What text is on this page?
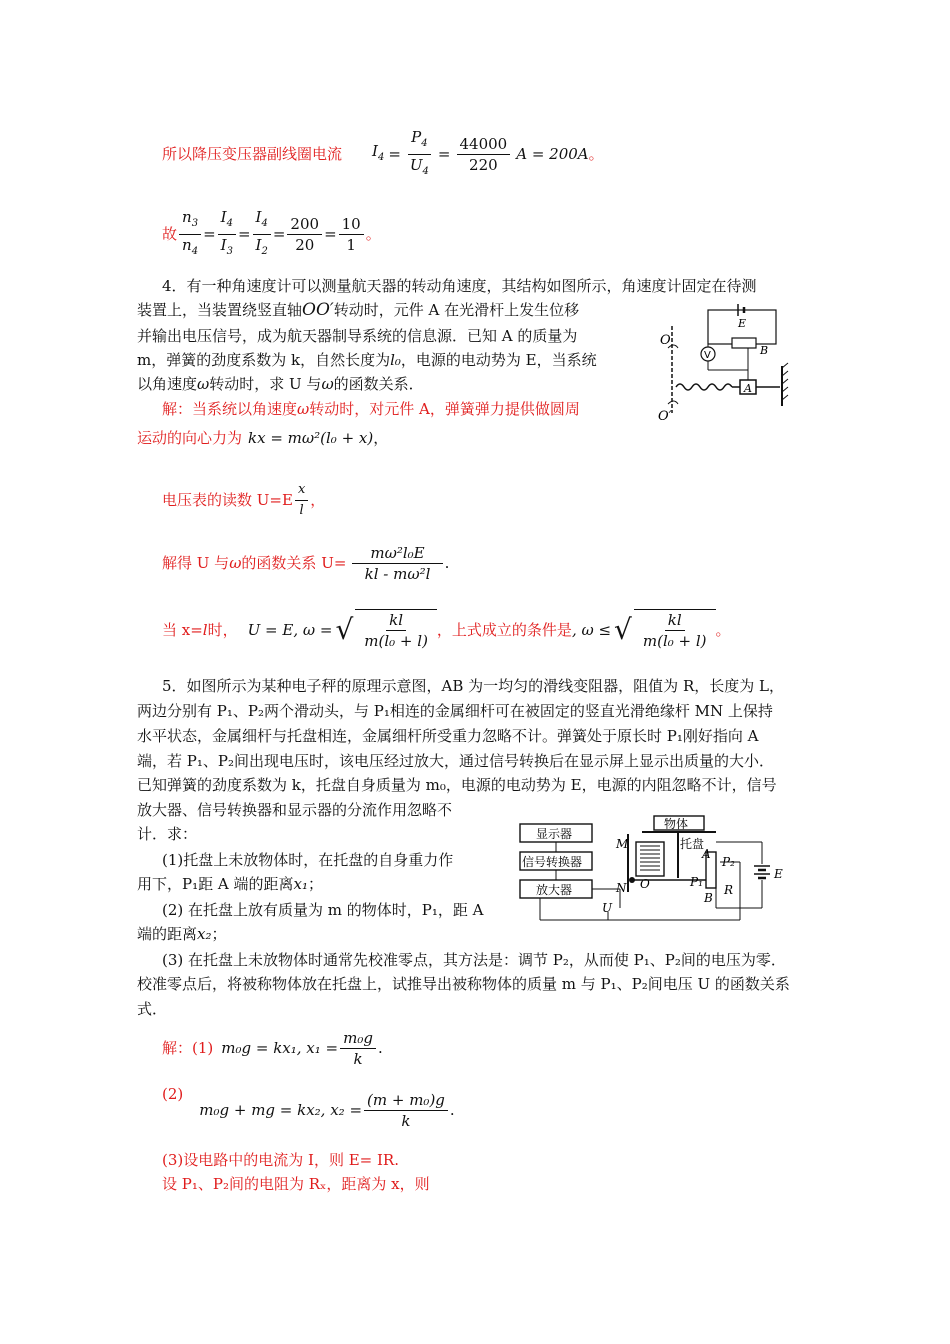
所以降压变压器副线圈电流 $I_4 = \frac{P_4}{U_4} = \frac{44000}{220}$ A = 200A 。
故 $\frac{n_3}{n_4} = \frac{I_4}{I_3} = \frac{I_4}{I_2} = \frac{200}{20} = \frac{10}{1}$ 。
4．有一种角速度计可以测量航天器的转动角速度，其结构如图所示，角速度计固定在待测
装置上，当装置绕竖直轴OO′转动时，元件 A 在光滑杆上发生位移
并输出电压信号，成为航天器制导系统的信息源．已知 A 的质量为
m，弹簧的劲度系数为 k，自然长度为l₀，电源的电动势为 E，当系统
以角速度ω转动时，求 U 与ω的函数关系．
解：当系统以角速度ω转动时，对元件 A，弹簧弹力提供做圆周
运动的向心力为 kx = mω²(l₀ + x)，
电压表的读数 $U=E \frac{x}{l}$ ，
解得 U 与 ω 的函数关系 $U= \frac{\text{mω²l₀E}}{\text{kl - mω²l}}$ .
当 x= l 时， U = E, ω = √ $\frac{kl}{\text{m(l₀ + l)}}$ ，上式成立的条件是 , ω ≤ √ $\frac{kl}{\text{m(l₀ + l)}}$ 。
O
O′
A
E
B
V
5．如图所示为某种电子秤的原理示意图，AB 为一均匀的滑线变阻器，阻值为 R，长度为 L，
两边分别有 P₁、P₂两个滑动头，与 P₁相连的金属细杆可在被固定的竖直光滑绝缘杆 MN 上保持
水平状态，金属细杆与托盘相连，金属细杆所受重力忽略不计。弹簧处于原长时 P₁刚好指向 A
端，若 P₁、P₂间出现电压时，该电压经过放大，通过信号转换后在显示屏上显示出质量的大小．
已知弹簧的劲度系数为 k，托盘自身质量为 m₀，电源的电动势为 E，电源的内阻忽略不计，信号
放大器、信号转换器和显示器的分流作用忽略不
计．求：
(1)托盘上未放物体时，在托盘的自身重力作
用下，P₁距 A 端的距离x₁；
(2) 在托盘上放有质量为 m 的物体时，P₁，距 A
端的距离x₂；
(3) 在托盘上未放物体时通常先校准零点，其方法是：调节 P₂，从而使 P₁、P₂间的电压为零．
校准零点后，将被称物体放在托盘上，试推导出被称物体的质量 m 与 P₁、P₂间电压 U 的函数关系
式．
显示器
信号转换器
放大器
物体
托盘
M
N O
A
B
P₁
P₂
R
E
U
解：(1) m₀g = kx₁, $x_1 = \frac{\text{m₀g}}{k}$ .
(2)
m₀g + mg = kx₂, $x_2 = \frac{\text{(m + m₀)g}}{k}$ .
(3)设电路中的电流为 I，则 E= IR.
设 P₁、P₂间的电阻为 Rₓ，距离为 x，则
